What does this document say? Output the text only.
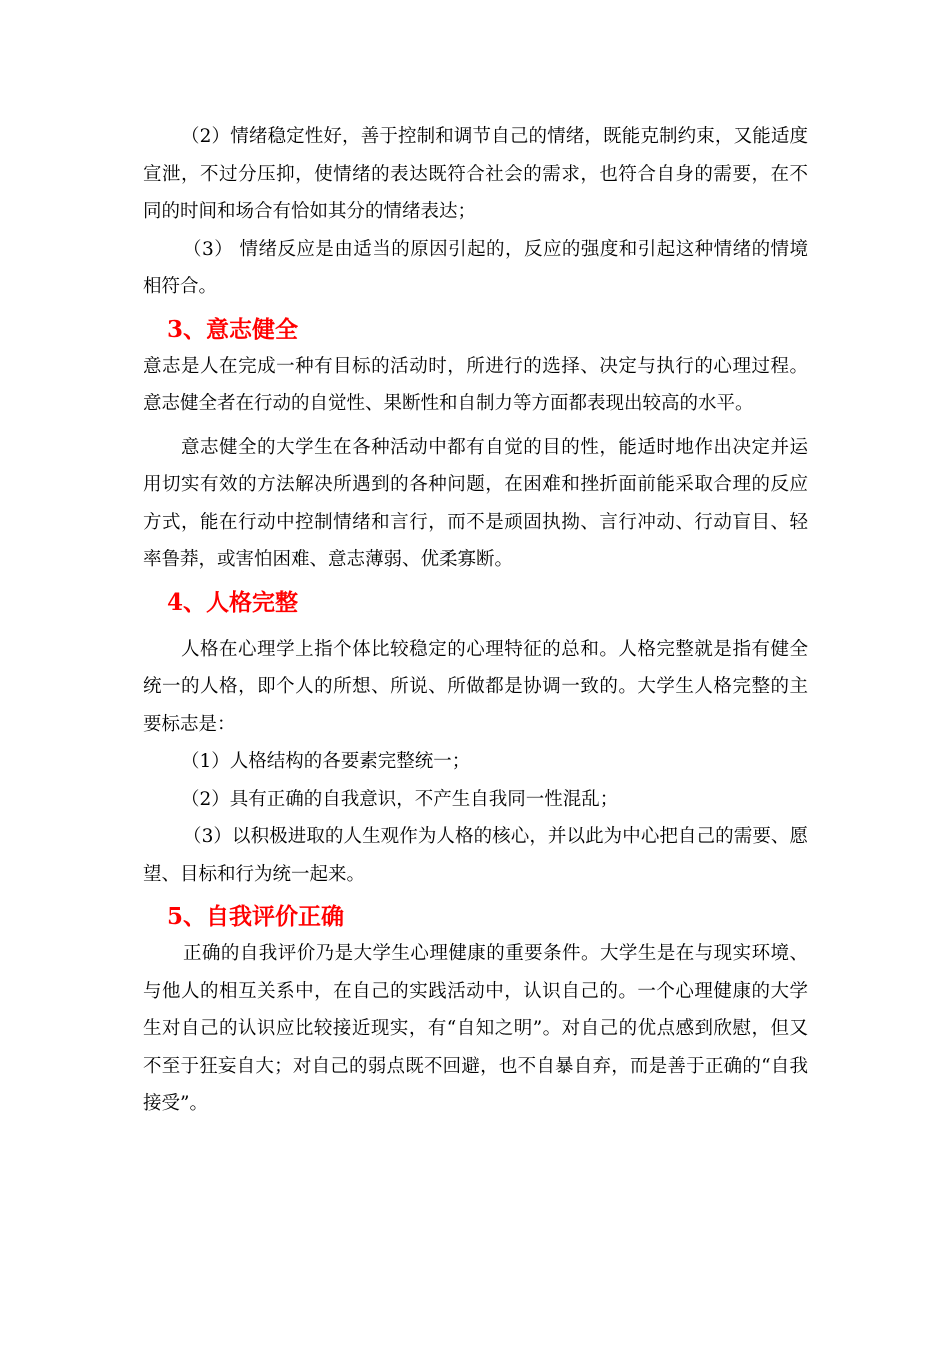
（2）情绪稳定性好，善于控制和调节自己的情绪，既能克制约束，又能适度宣泄，不过分压抑，使情绪的表达既符合社会的需求，也符合自身的需要，在不同的时间和场合有恰如其分的情绪表达；

（3） 情绪反应是由适当的原因引起的，反应的强度和引起这种情绪的情境相符合。

3、意志健全

意志是人在完成一种有目标的活动时，所进行的选择、决定与执行的心理过程。意志健全者在行动的自觉性、果断性和自制力等方面都表现出较高的水平。

意志健全的大学生在各种活动中都有自觉的目的性，能适时地作出决定并运用切实有效的方法解决所遇到的各种问题，在困难和挫折面前能采取合理的反应方式，能在行动中控制情绪和言行，而不是顽固执拗、言行冲动、行动盲目、轻率鲁莽，或害怕困难、意志薄弱、优柔寡断。

4、人格完整

人格在心理学上指个体比较稳定的心理特征的总和。人格完整就是指有健全统一的人格，即个人的所想、所说、所做都是协调一致的。大学生人格完整的主要标志是：

（1）人格结构的各要素完整统一；

（2）具有正确的自我意识，不产生自我同一性混乱；

（3）以积极进取的人生观作为人格的核心，并以此为中心把自己的需要、愿望、目标和行为统一起来。

5、自我评价正确

正确的自我评价乃是大学生心理健康的重要条件。大学生是在与现实环境、与他人的相互关系中，在自己的实践活动中，认识自己的。一个心理健康的大学生对自己的认识应比较接近现实，有“自知之明”。对自己的优点感到欣慰，但又不至于狂妄自大；对自己的弱点既不回避，也不自暴自弃，而是善于正确的“自我接受”。
